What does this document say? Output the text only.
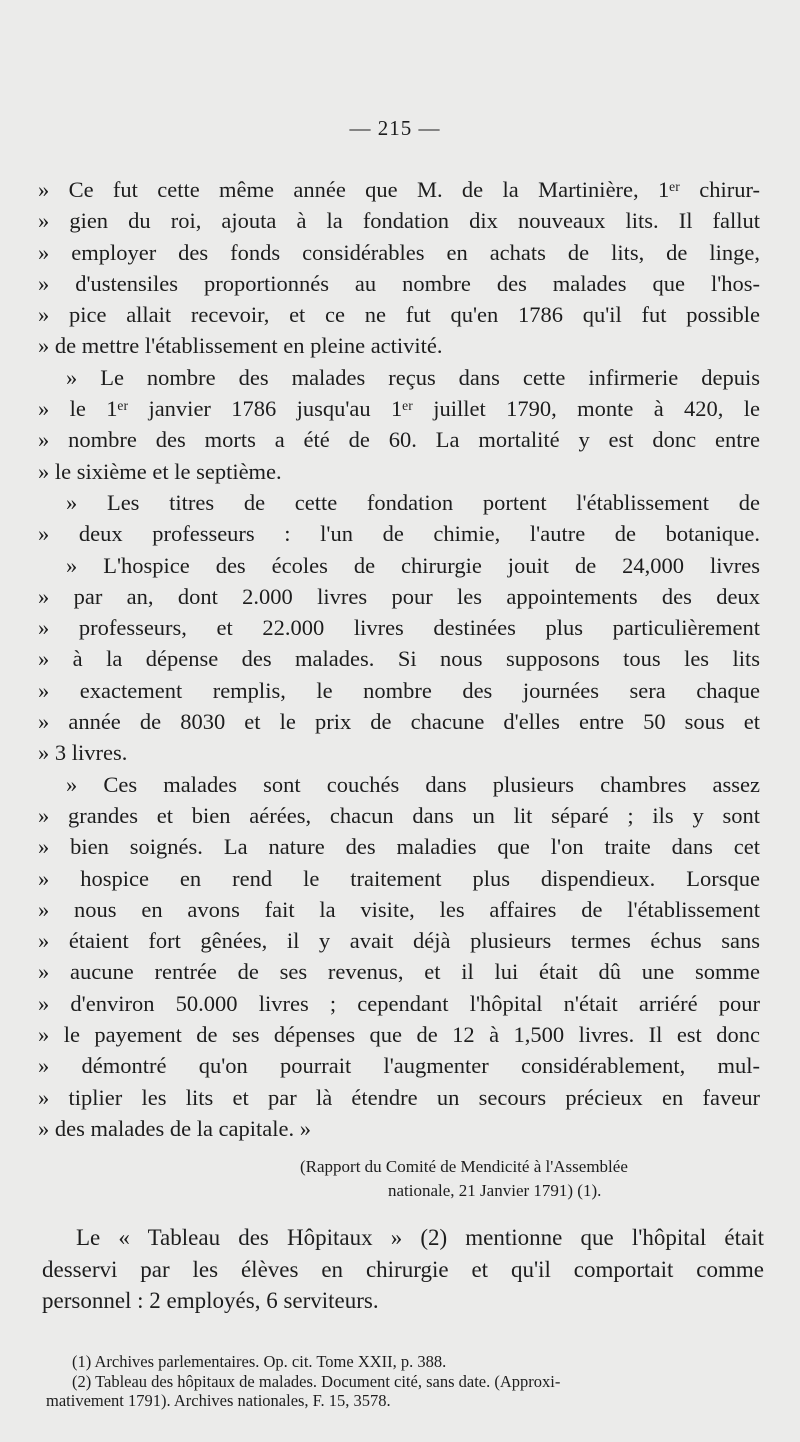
— 215 —
» Ce fut cette même année que M. de la Martinière, 1ᵉʳ chirur-
» gien du roi, ajouta à la fondation dix nouveaux lits. Il fallut
» employer des fonds considérables en achats de lits, de linge,
» d'ustensiles proportionnés au nombre des malades que l'hos-
» pice allait recevoir, et ce ne fut qu'en 1786 qu'il fut possible
» de mettre l'établissement en pleine activité.
» Le nombre des malades reçus dans cette infirmerie depuis
» le 1ᵉʳ janvier 1786 jusqu'au 1ᵉʳ juillet 1790, monte à 420, le
» nombre des morts a été de 60. La mortalité y est donc entre
» le sixième et le septième.
» Les titres de cette fondation portent l'établissement de
» deux professeurs : l'un de chimie, l'autre de botanique.
» L'hospice des écoles de chirurgie jouit de 24,000 livres
» par an, dont 2.000 livres pour les appointements des deux
» professeurs, et 22.000 livres destinées plus particulièrement
» à la dépense des malades. Si nous supposons tous les lits
» exactement remplis, le nombre des journées sera chaque
» année de 8030 et le prix de chacune d'elles entre 50 sous et
» 3 livres.
» Ces malades sont couchés dans plusieurs chambres assez
» grandes et bien aérées, chacun dans un lit séparé ; ils y sont
» bien soignés. La nature des maladies que l'on traite dans cet
» hospice en rend le traitement plus dispendieux. Lorsque
» nous en avons fait la visite, les affaires de l'établissement
» étaient fort gênées, il y avait déjà plusieurs termes échus sans
» aucune rentrée de ses revenus, et il lui était dû une somme
» d'environ 50.000 livres ; cependant l'hôpital n'était arriéré pour
» le payement de ses dépenses que de 12 à 1,500 livres. Il est donc
» démontré qu'on pourrait l'augmenter considérablement, mul-
» tiplier les lits et par là étendre un secours précieux en faveur
» des malades de la capitale. »
(Rapport du Comité de Mendicité à l'Assemblée
nationale, 21 Janvier 1791) (1).
Le « Tableau des Hôpitaux » (2) mentionne que l'hôpital était
desservi par les élèves en chirurgie et qu'il comportait comme
personnel : 2 employés, 6 serviteurs.
(1) Archives parlementaires. Op. cit. Tome XXII, p. 388.
(2) Tableau des hôpitaux de malades. Document cité, sans date. (Approxi-
mativement 1791). Archives nationales, F. 15, 3578.
